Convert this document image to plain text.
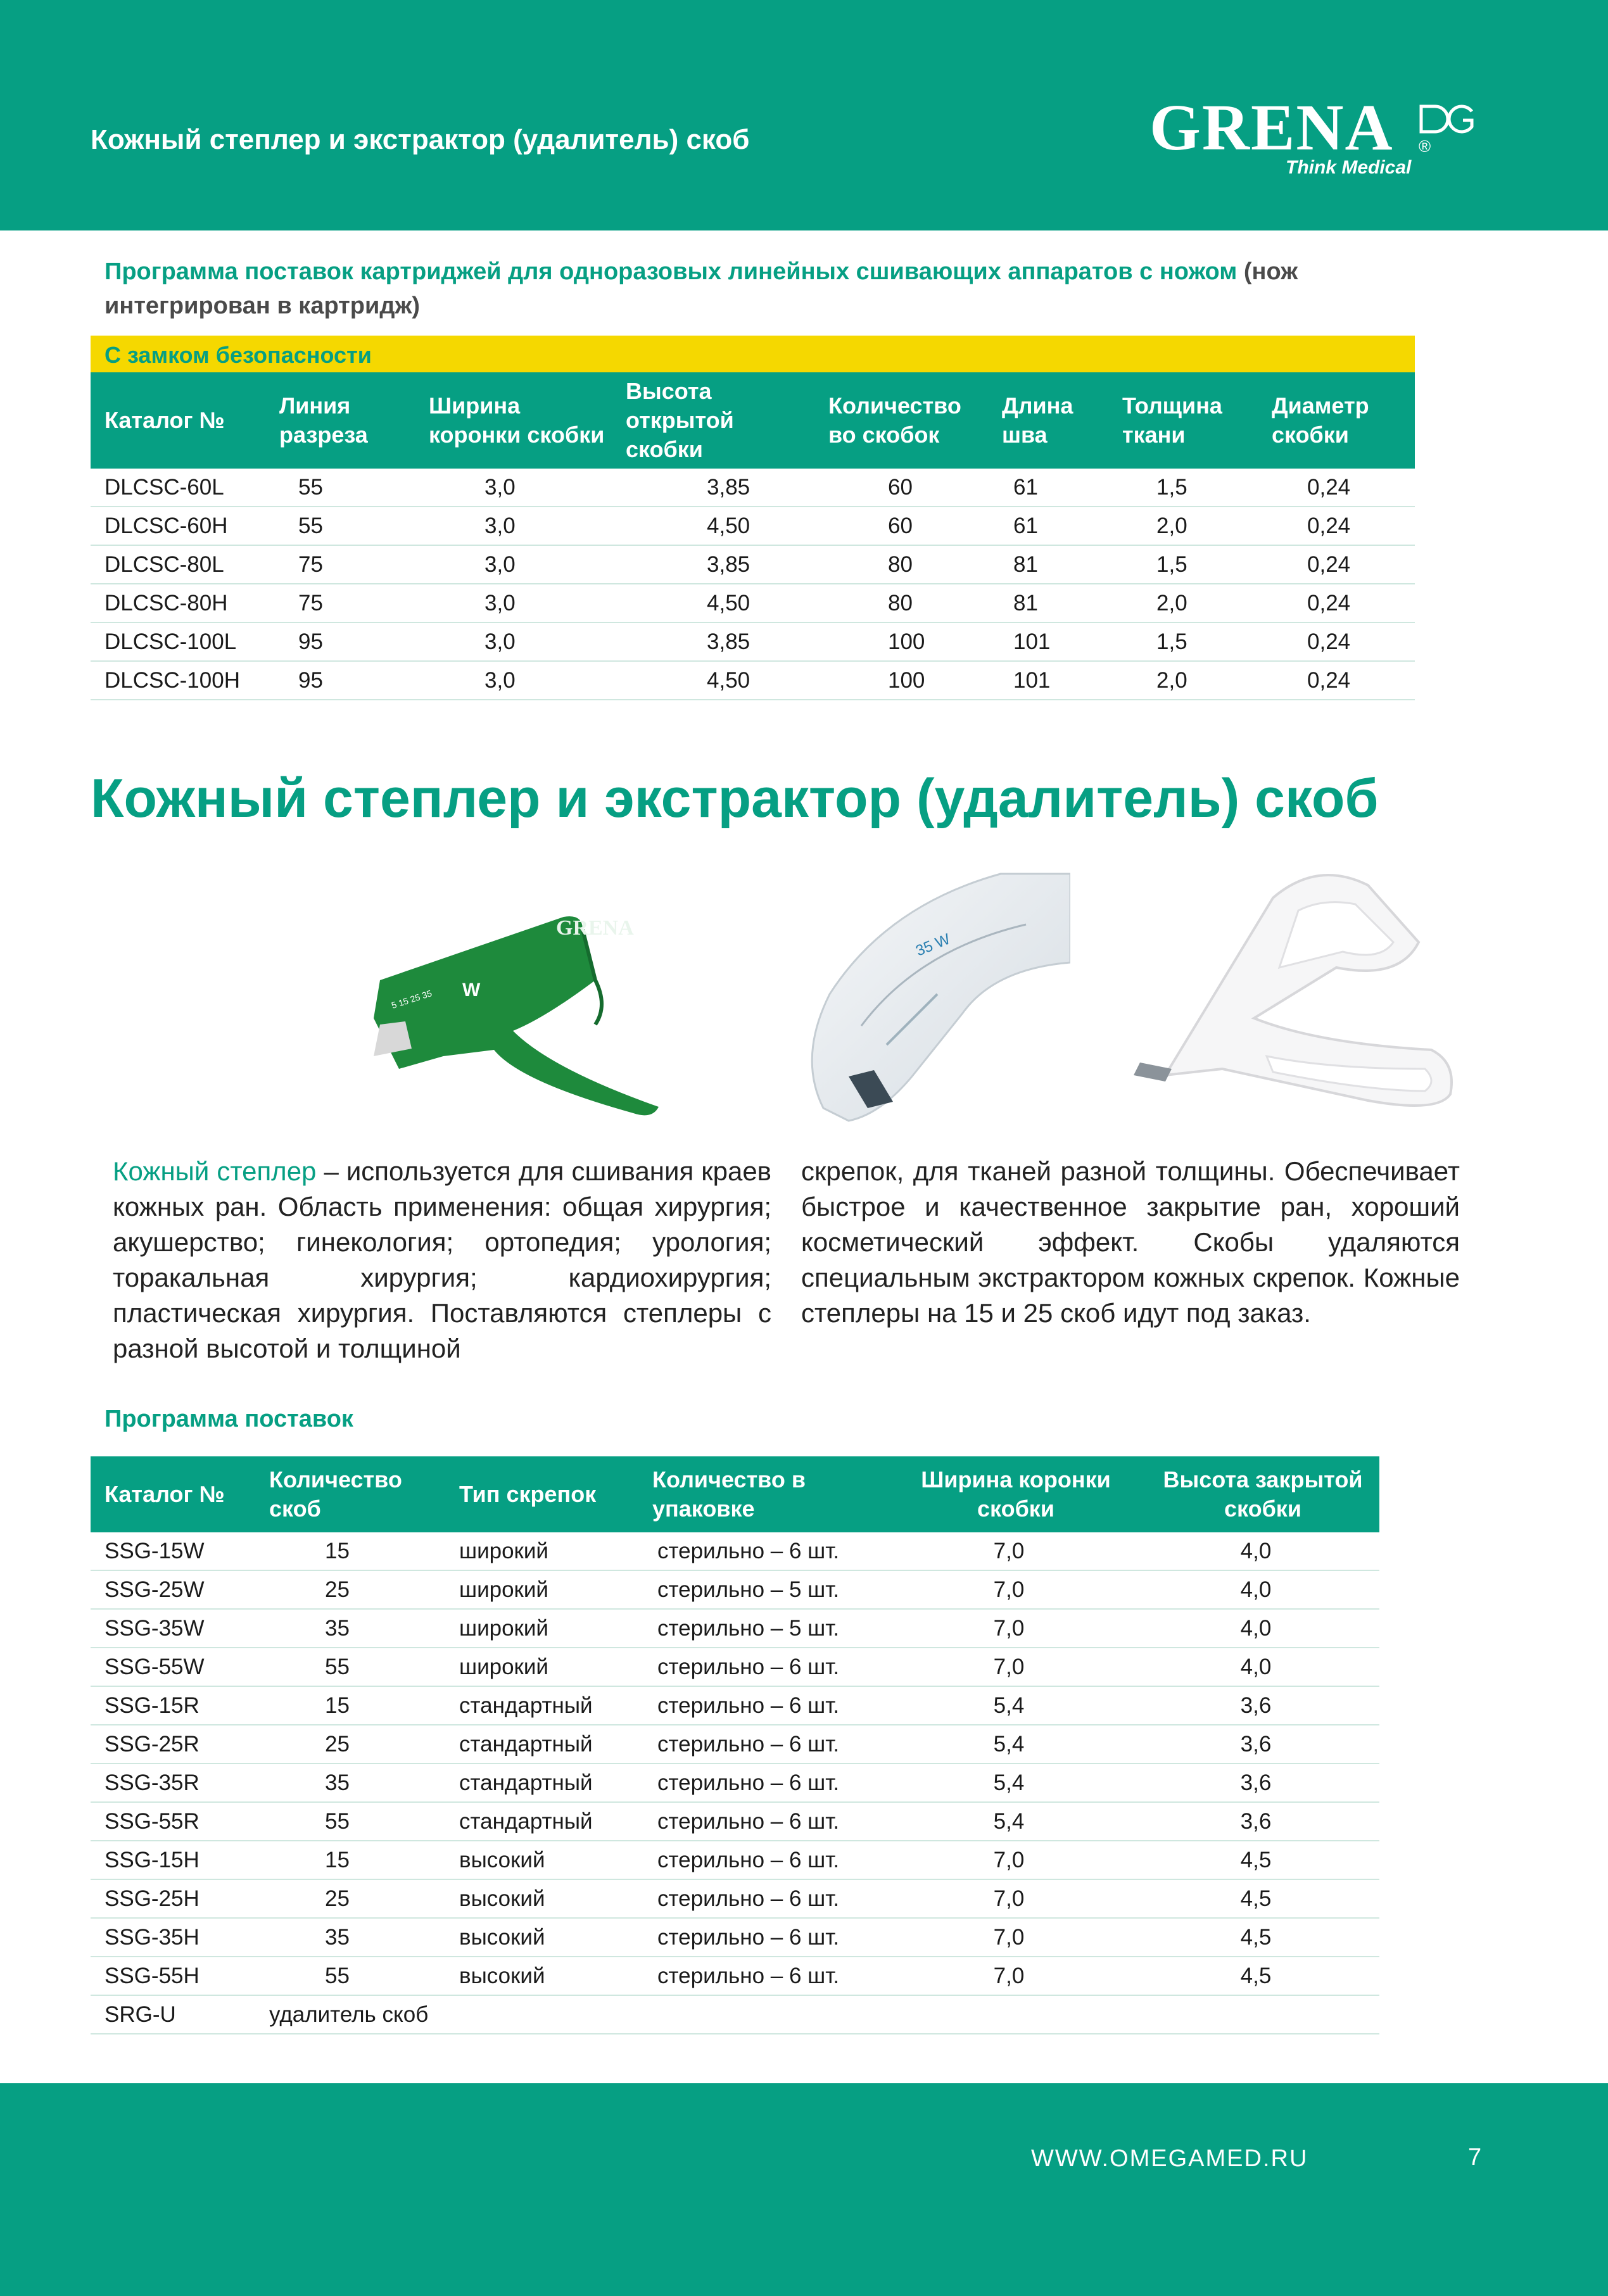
Кожный степлер и экстрактор (удалитель) скоб	GRENA ®
Think Medical
Программа поставок картриджей для одноразовых линейных сшивающих аппаратов с ножом (нож интегрирован в картридж)
С замком безопасности
Каталог №	Линия разреза	Ширина коронки скобки	Высота открытой скобки	Количество во скобок	Длина шва	Толщина ткани	Диаметр скобки
DLCSC-60L	55	3,0	3,85	60	61	1,5	0,24
DLCSC-60H	55	3,0	4,50	60	61	2,0	0,24
DLCSC-80L	75	3,0	3,85	80	81	1,5	0,24
DLCSC-80H	75	3,0	4,50	80	81	2,0	0,24
DLCSC-100L	95	3,0	3,85	100	101	1,5	0,24
DLCSC-100H	95	3,0	4,50	100	101	2,0	0,24
Кожный степлер и экстрактор (удалитель) скоб
GRENA
5 15 25 35 W
35 W
Кожный степлер – используется для сшивания краев кожных ран. Область применения: общая хирургия; акушерство; гинекология; ортопедия; урология; торакальная хирургия; кардиохирургия; пластическая хирургия. Поставляются степлеры с разной высотой и толщиной
скрепок, для тканей разной толщины. Обеспечивает быстрое и качественное закрытие ран, хороший косметический эффект. Скобы удаляются специальным экстрактором кожных скрепок. Кожные степлеры на 15 и 25 скоб идут под заказ.
Программа поставок
Каталог №	Количество скоб	Тип скрепок	Количество в упаковке	Ширина коронки скобки	Высота закрытой скобки
SSG-15W	15	широкий	стерильно – 6 шт.	7,0	4,0
SSG-25W	25	широкий	стерильно – 5 шт.	7,0	4,0
SSG-35W	35	широкий	стерильно – 5 шт.	7,0	4,0
SSG-55W	55	широкий	стерильно – 6 шт.	7,0	4,0
SSG-15R	15	стандартный	стерильно – 6 шт.	5,4	3,6
SSG-25R	25	стандартный	стерильно – 6 шт.	5,4	3,6
SSG-35R	35	стандартный	стерильно – 6 шт.	5,4	3,6
SSG-55R	55	стандартный	стерильно – 6 шт.	5,4	3,6
SSG-15H	15	высокий	стерильно – 6 шт.	7,0	4,5
SSG-25H	25	высокий	стерильно – 6 шт.	7,0	4,5
SSG-35H	35	высокий	стерильно – 6 шт.	7,0	4,5
SSG-55H	55	высокий	стерильно – 6 шт.	7,0	4,5
SRG-U	удалитель скоб				
WWW.OMEGAMED.RU	7
